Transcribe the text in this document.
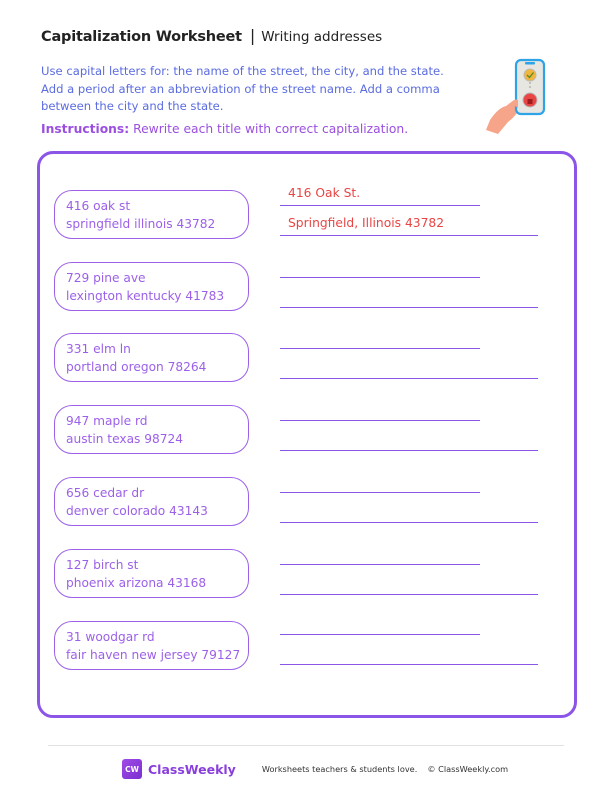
Capitalization Worksheet | Writing addresses
Use capital letters for: the name of the street, the city, and the state. Add a period after an abbreviation of the street name. Add a comma between the city and the state.
Instructions: Rewrite each title with correct capitalization.
416 oak st
springfield illinois 43782
416 Oak St.
Springfield, Illinois 43782
729 pine ave
lexington kentucky 41783
331 elm ln
portland oregon 78264
947 maple rd
austin texas 98724
656 cedar dr
denver colorado 43143
127 birch st
phoenix arizona 43168
31 woodgar rd
fair haven new jersey 79127
CW ClassWeekly	Worksheets teachers & students love. © ClassWeekly.com
